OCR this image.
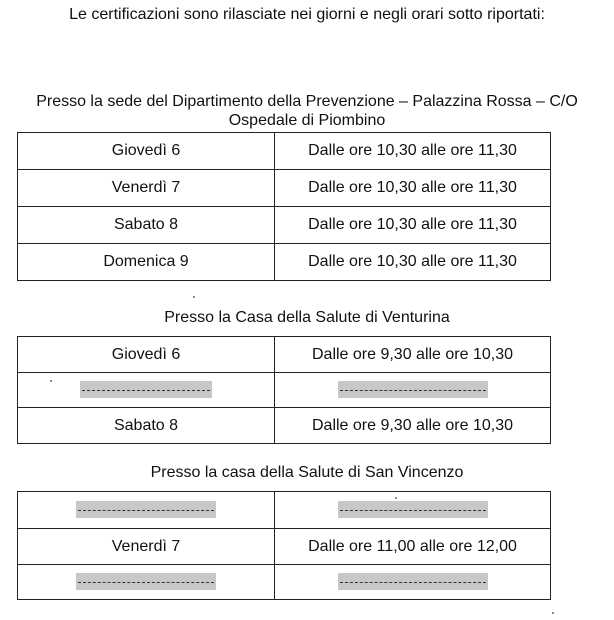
Le certificazioni sono rilasciate nei giorni e negli orari sotto riportati:
Presso la sede del Dipartimento della Prevenzione – Palazzina Rossa – C/O
Ospedale di Piombino
Giovedì 6	Dalle ore 10,30 alle ore 11,30
Venerdì 7	Dalle ore 10,30 alle ore 11,30
Sabato 8	Dalle ore 10,30 alle ore 11,30
Domenica 9	Dalle ore 10,30 alle ore 11,30
Presso la Casa della Salute di Venturina
Giovedì 6	Dalle ore 9,30 alle ore 10,30

Sabato 8	Dalle ore 9,30 alle ore 10,30
Presso la casa della Salute di San Vincenzo

Venerdì 7	Dalle ore 11,00 alle ore 12,00
